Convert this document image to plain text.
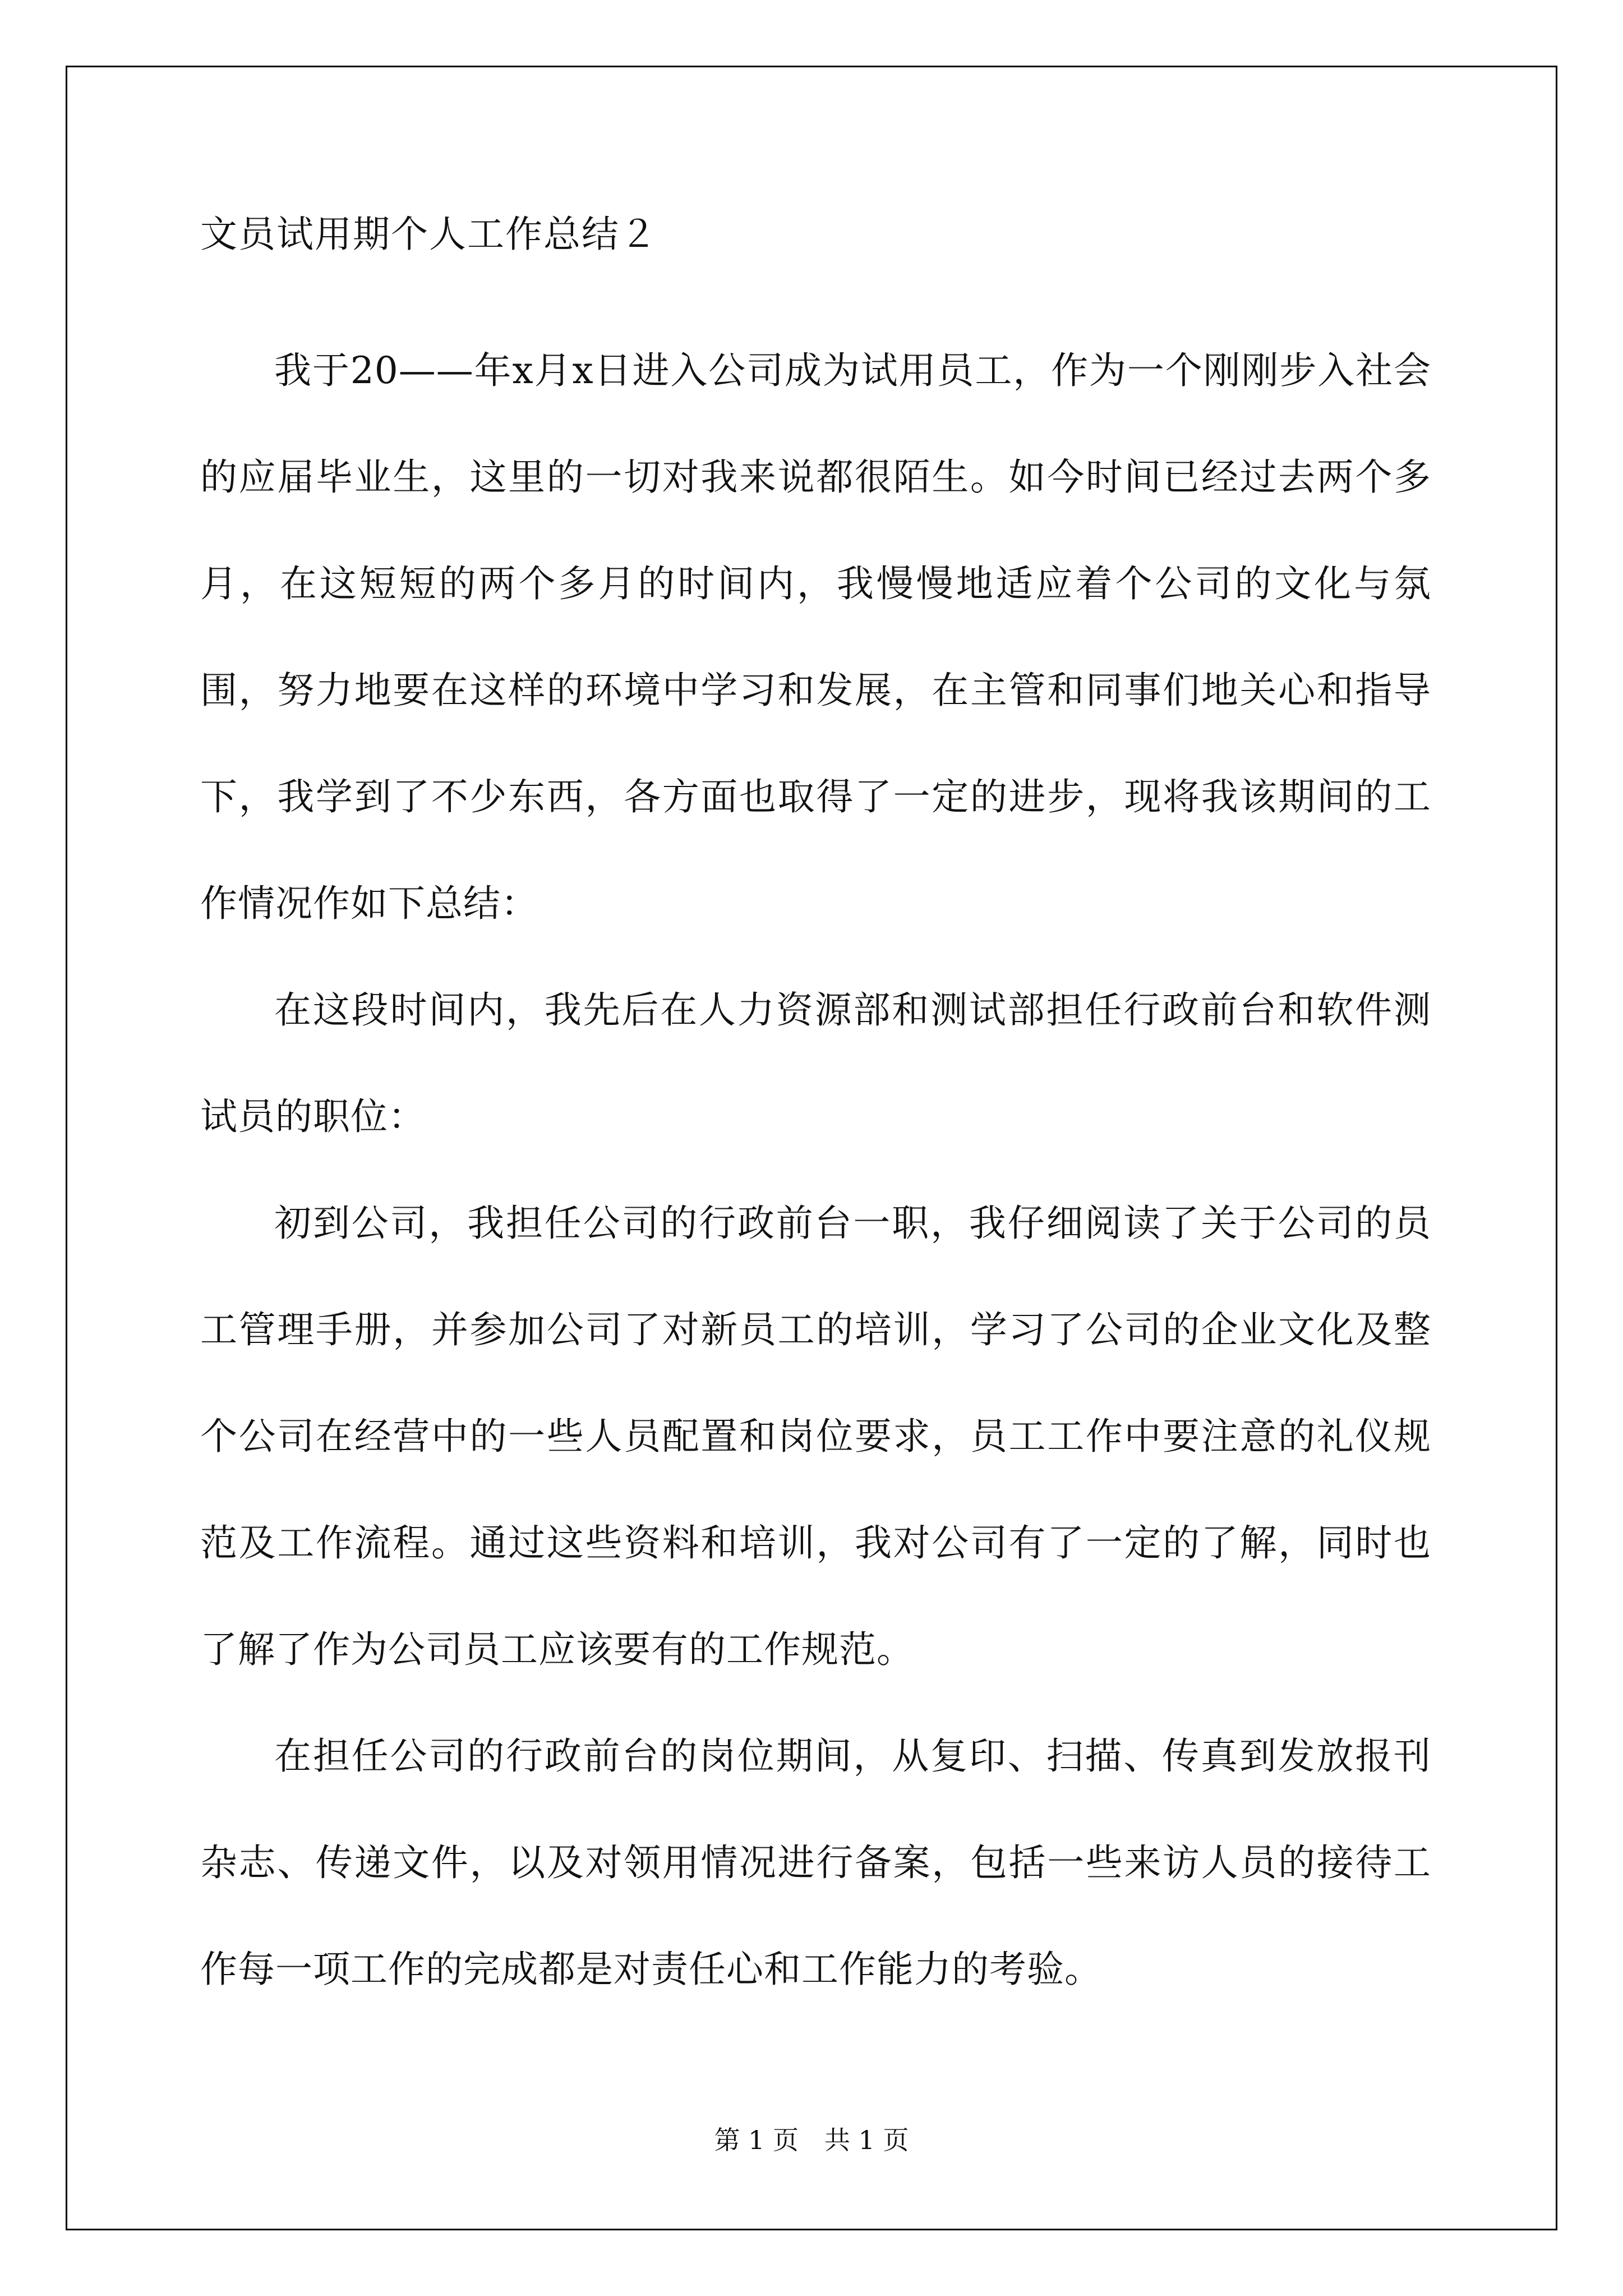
文员试用期个人工作总结２

我于20——年x月x日进入公司成为试用员工，作为一个刚刚步入社会的应届毕业生，这里的一切对我来说都很陌生。如今时间已经过去两个多月，在这短短的两个多月的时间内，我慢慢地适应着个公司的文化与氛围，努力地要在这样的环境中学习和发展，在主管和同事们地关心和指导下，我学到了不少东西，各方面也取得了一定的进步，现将我该期间的工作情况作如下总结：

在这段时间内，我先后在人力资源部和测试部担任行政前台和软件测试员的职位：

初到公司，我担任公司的行政前台一职，我仔细阅读了关于公司的员工管理手册，并参加公司了对新员工的培训，学习了公司的企业文化及整个公司在经营中的一些人员配置和岗位要求，员工工作中要注意的礼仪规范及工作流程。通过这些资料和培训，我对公司有了一定的了解，同时也了解了作为公司员工应该要有的工作规范。

在担任公司的行政前台的岗位期间，从复印、扫描、传真到发放报刊杂志、传递文件，以及对领用情况进行备案，包括一些来访人员的接待工作每一项工作的完成都是对责任心和工作能力的考验。

第 1 页　共 1 页
